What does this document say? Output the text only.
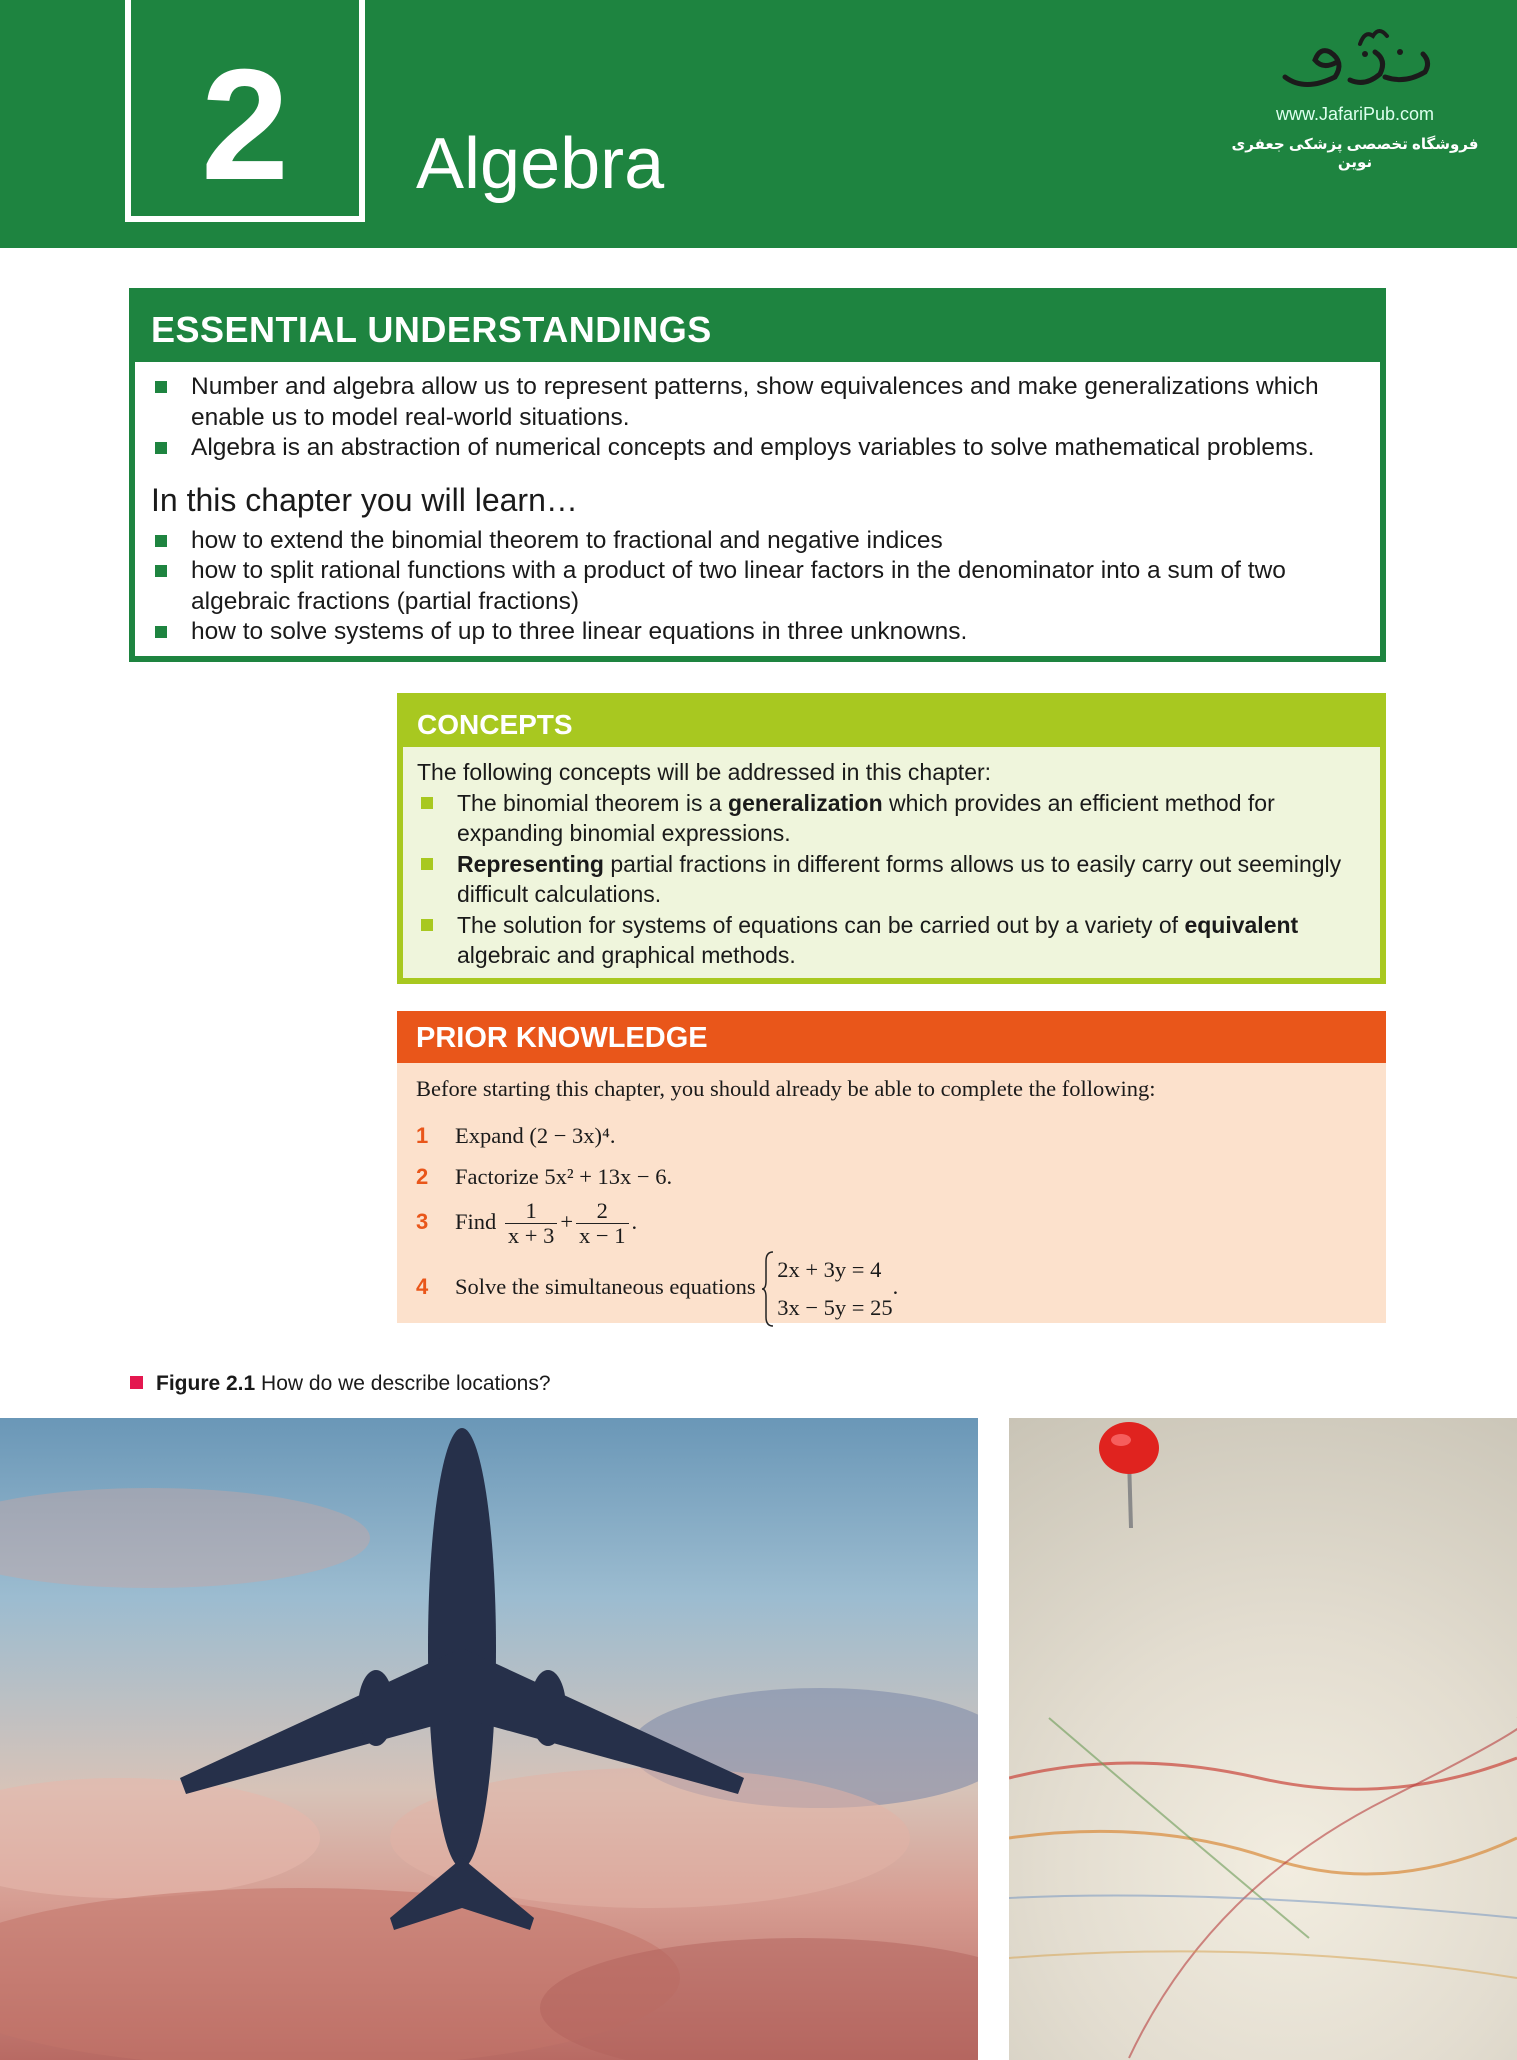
2	Algebra
www.JafariPub.com
فروشگاه تخصصی پزشکی جعفری نوین
ESSENTIAL UNDERSTANDINGS
Number and algebra allow us to represent patterns, show equivalences and make generalizations which enable us to model real-world situations.
Algebra is an abstraction of numerical concepts and employs variables to solve mathematical problems.
In this chapter you will learn…
how to extend the binomial theorem to fractional and negative indices
how to split rational functions with a product of two linear factors in the denominator into a sum of two algebraic fractions (partial fractions)
how to solve systems of up to three linear equations in three unknowns.
CONCEPTS
The following concepts will be addressed in this chapter:
The binomial theorem is a generalization which provides an efficient method for expanding binomial expressions.
Representing partial fractions in different forms allows us to easily carry out seemingly difficult calculations.
The solution for systems of equations can be carried out by a variety of equivalent algebraic and graphical methods.
PRIOR KNOWLEDGE
Before starting this chapter, you should already be able to complete the following:
1 Expand (2 − 3x)⁴.
2 Factorize 5x² + 13x − 6.
3 Find $\frac{1}{x + 3} + \frac{2}{x - 1}$ .
4 Solve the simultaneous equations
2x + 3y = 4
3x − 5y = 25
.
Figure 2.1 How do we describe locations?
